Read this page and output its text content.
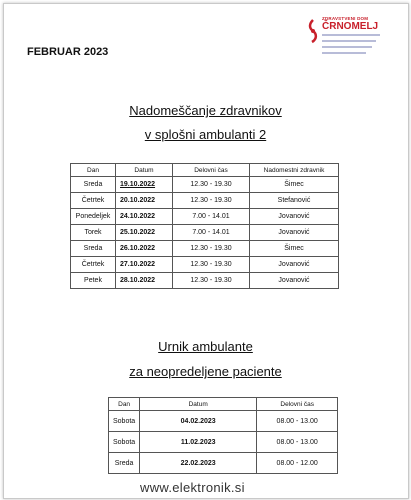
FEBRUAR 2023
ZDRAVSTVENI DOM
ČRNOMELJ
Nadomeščanje zdravnikov
v splošni ambulanti 2
Dan	Datum	Delovni čas	Nadomestni zdravnik
Sreda	19.10.2022	12.30 - 19.30	Šimec
Četrtek	20.10.2022	12.30 - 19.30	Stefanović
Ponedeljek	24.10.2022	7.00 - 14.01	Jovanović
Torek	25.10.2022	7.00 - 14.01	Jovanović
Sreda	26.10.2022	12.30 - 19.30	Šimec
Četrtek	27.10.2022	12.30 - 19.30	Jovanović
Petek	28.10.2022	12.30 - 19.30	Jovanović
Urnik ambulante
za neopredeljene paciente
Dan	Datum	Delovni čas
Sobota	04.02.2023	08.00 - 13.00
Sobota	11.02.2023	08.00 - 13.00
Sreda	22.02.2023	08.00 - 12.00
www.elektronik.si
